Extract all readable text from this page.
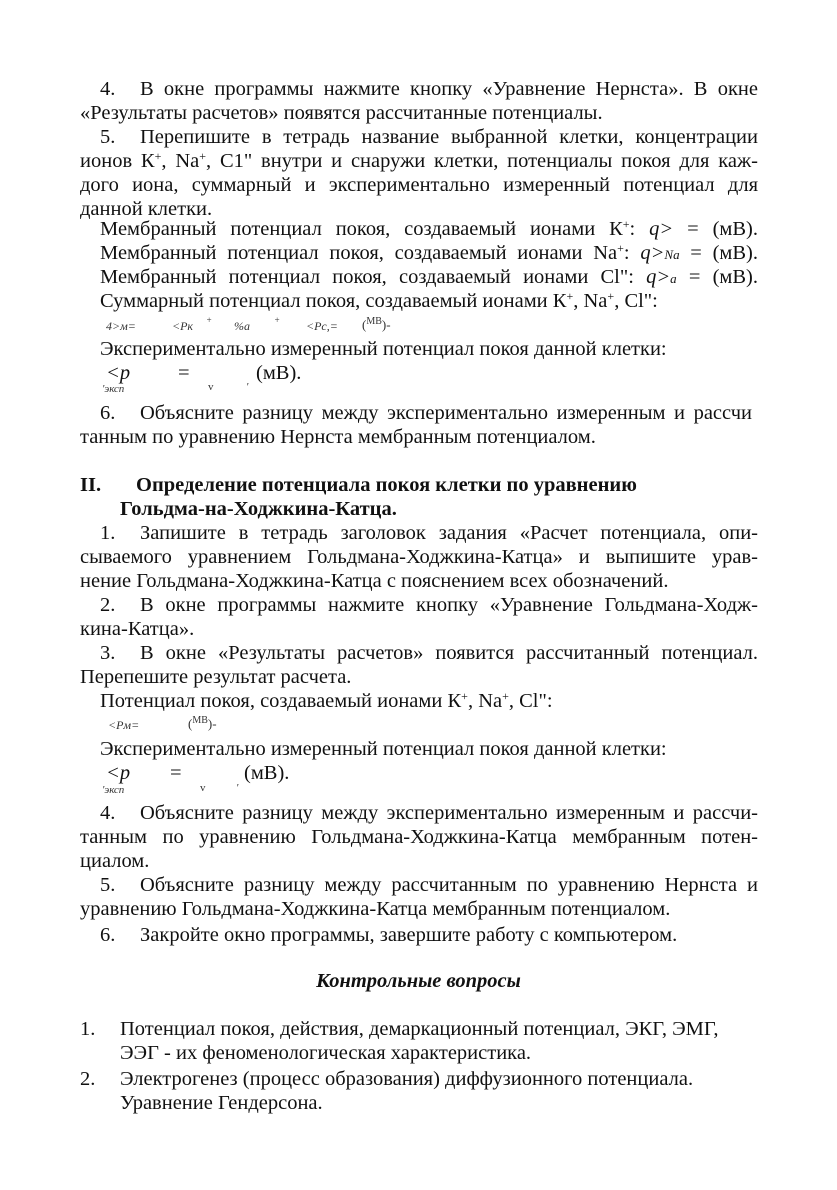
4. В окне программы нажмите кнопку «Уравнение Нернста». В окне
«Результаты расчетов» появятся рассчитанные потенциалы.
5. Перепишите в тетрадь название выбранной клетки, концентрации
ионов К+, Na+, C1" внутри и снаружи клетки, потенциалы покоя для каж-
дого иона, суммарный и экспериментально измеренный потенциал для
данной клетки.
Мембранный потенциал покоя, создаваемый ионами К+: q> = (мВ).
Мембранный потенциал покоя, создаваемый ионами Na+: q>Na = (мВ).
Мембранный потенциал покоя, создаваемый ионами Cl": q>a = (мВ).
Суммарный потенциал покоя, создаваемый ионами К+, Na+, Cl":
4>м=	<Рк + %а	+ <Рс,= ($^{МВ}$)-
Экспериментально измеренный потенциал покоя данной клетки:
<р =	(мВ).
'эксп	v	'
6. Объясните разницу между экспериментально измеренным и рассчи
танным по уравнению Нернста мембранным потенциалом.
II. Определение потенциала покоя клетки по уравнению
Гольдма-на-Ходжкина-Катца.
1. Запишите в тетрадь заголовок задания «Расчет потенциала, опи-
сываемого уравнением Гольдмана-Ходжкина-Катца» и выпишите урав-
нение Гольдмана-Ходжкина-Катца с пояснением всех обозначений.
2. В окне программы нажмите кнопку «Уравнение Гольдмана-Ходж-
кина-Катца».
3. В окне «Результаты расчетов» появится рассчитанный потенциал.
Перепешите результат расчета.
Потенциал покоя, создаваемый ионами К+, Na+, Cl":
<Рм=	($^{МВ}$)-
Экспериментально измеренный потенциал покоя данной клетки:
<р =	(мВ).
'эксп	v	'
4. Объясните разницу между экспериментально измеренным и рассчи-
танным по уравнению Гольдмана-Ходжкина-Катца мембранным потен-
циалом.
5. Объясните разницу между рассчитанным по уравнению Нернста и
уравнению Гольдмана-Ходжкина-Катца мембранным потенциалом.
6. Закройте окно программы, завершите работу с компьютером.
Контрольные вопросы
1. Потенциал покоя, действия, демаркационный потенциал, ЭКГ, ЭМГ,
ЭЭГ - их феноменологическая характеристика.
2. Электрогенез (процесс образования) диффузионного потенциала.
Уравнение Гендерсона.
